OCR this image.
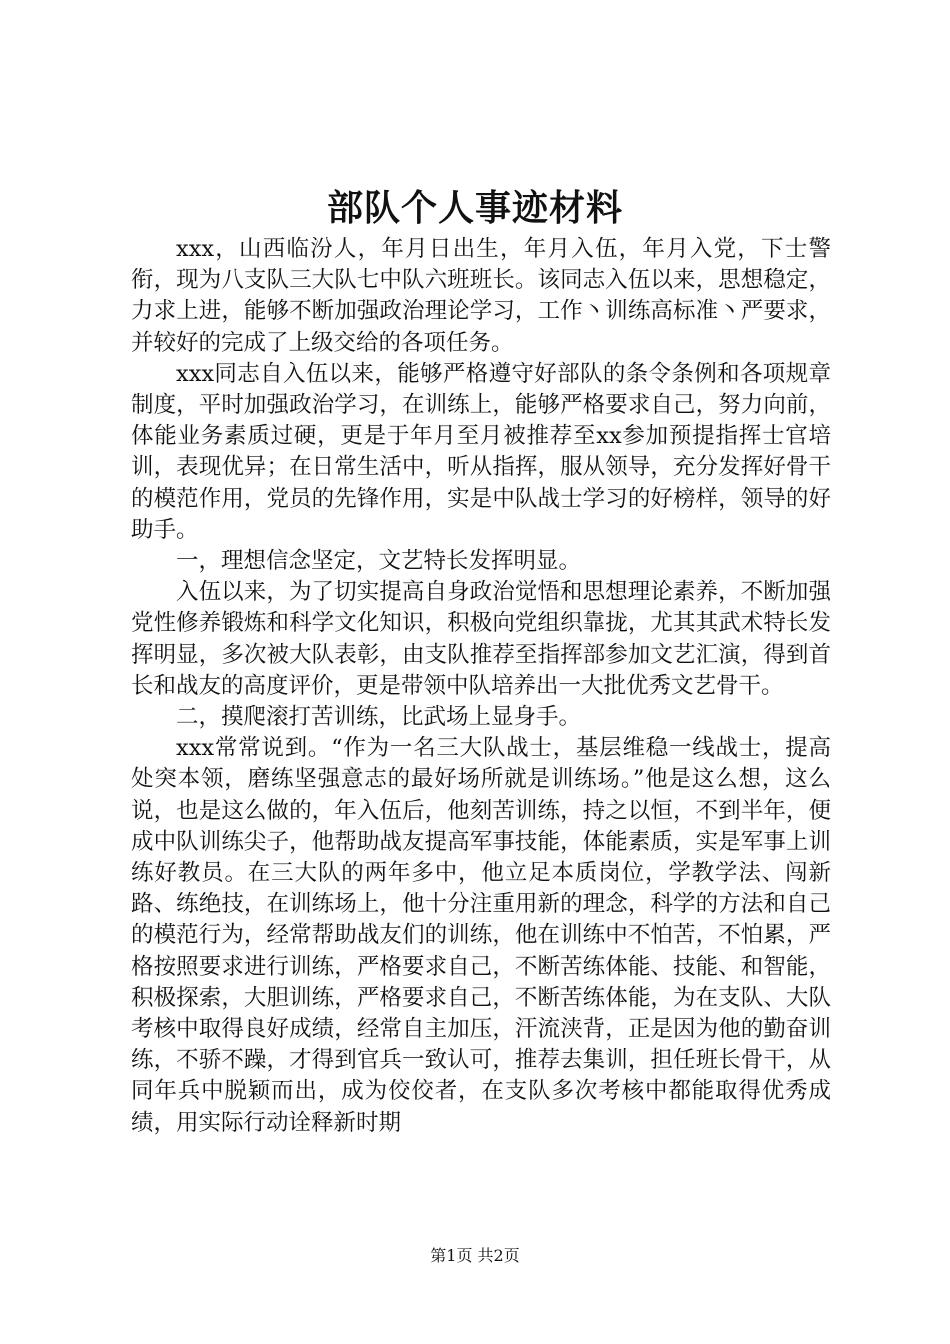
部队个人事迹材料

xxx，山西临汾人，年月日出生，年月入伍，年月入党，下士警衔，现为八支队三大队七中队六班班长。该同志入伍以来，思想稳定，力求上进，能够不断加强政治理论学习，工作丶训练高标准丶严要求，并较好的完成了上级交给的各项任务。

xxx同志自入伍以来，能够严格遵守好部队的条令条例和各项规章制度，平时加强政治学习，在训练上，能够严格要求自己，努力向前，体能业务素质过硬，更是于年月至月被推荐至xx参加预提指挥士官培训，表现优异；在日常生活中，听从指挥，服从领导，充分发挥好骨干的模范作用，党员的先锋作用，实是中队战士学习的好榜样，领导的好助手。

一，理想信念坚定，文艺特长发挥明显。

入伍以来，为了切实提高自身政治觉悟和思想理论素养，不断加强党性修养锻炼和科学文化知识，积极向党组织靠拢，尤其其武术特长发挥明显，多次被大队表彰，由支队推荐至指挥部参加文艺汇演，得到首长和战友的高度评价，更是带领中队培养出一大批优秀文艺骨干。

二，摸爬滚打苦训练，比武场上显身手。

xxx常常说到。“作为一名三大队战士，基层维稳一线战士，提高处突本领，磨练坚强意志的最好场所就是训练场。”他是这么想，这么说，也是这么做的，年入伍后，他刻苦训练，持之以恒，不到半年，便成中队训练尖子，他帮助战友提高军事技能，体能素质，实是军事上训练好教员。在三大队的两年多中，他立足本质岗位，学教学法、闯新路、练绝技，在训练场上，他十分注重用新的理念，科学的方法和自己的模范行为，经常帮助战友们的训练，他在训练中不怕苦，不怕累，严格按照要求进行训练，严格要求自己，不断苦练体能、技能、和智能，积极探索，大胆训练，严格要求自己，不断苦练体能，为在支队、大队考核中取得良好成绩，经常自主加压，汗流浃背，正是因为他的勤奋训练，不骄不躁，才得到官兵一致认可，推荐去集训，担任班长骨干，从同年兵中脱颖而出，成为佼佼者，在支队多次考核中都能取得优秀成绩，用实际行动诠释新时期

第1页 共2页
